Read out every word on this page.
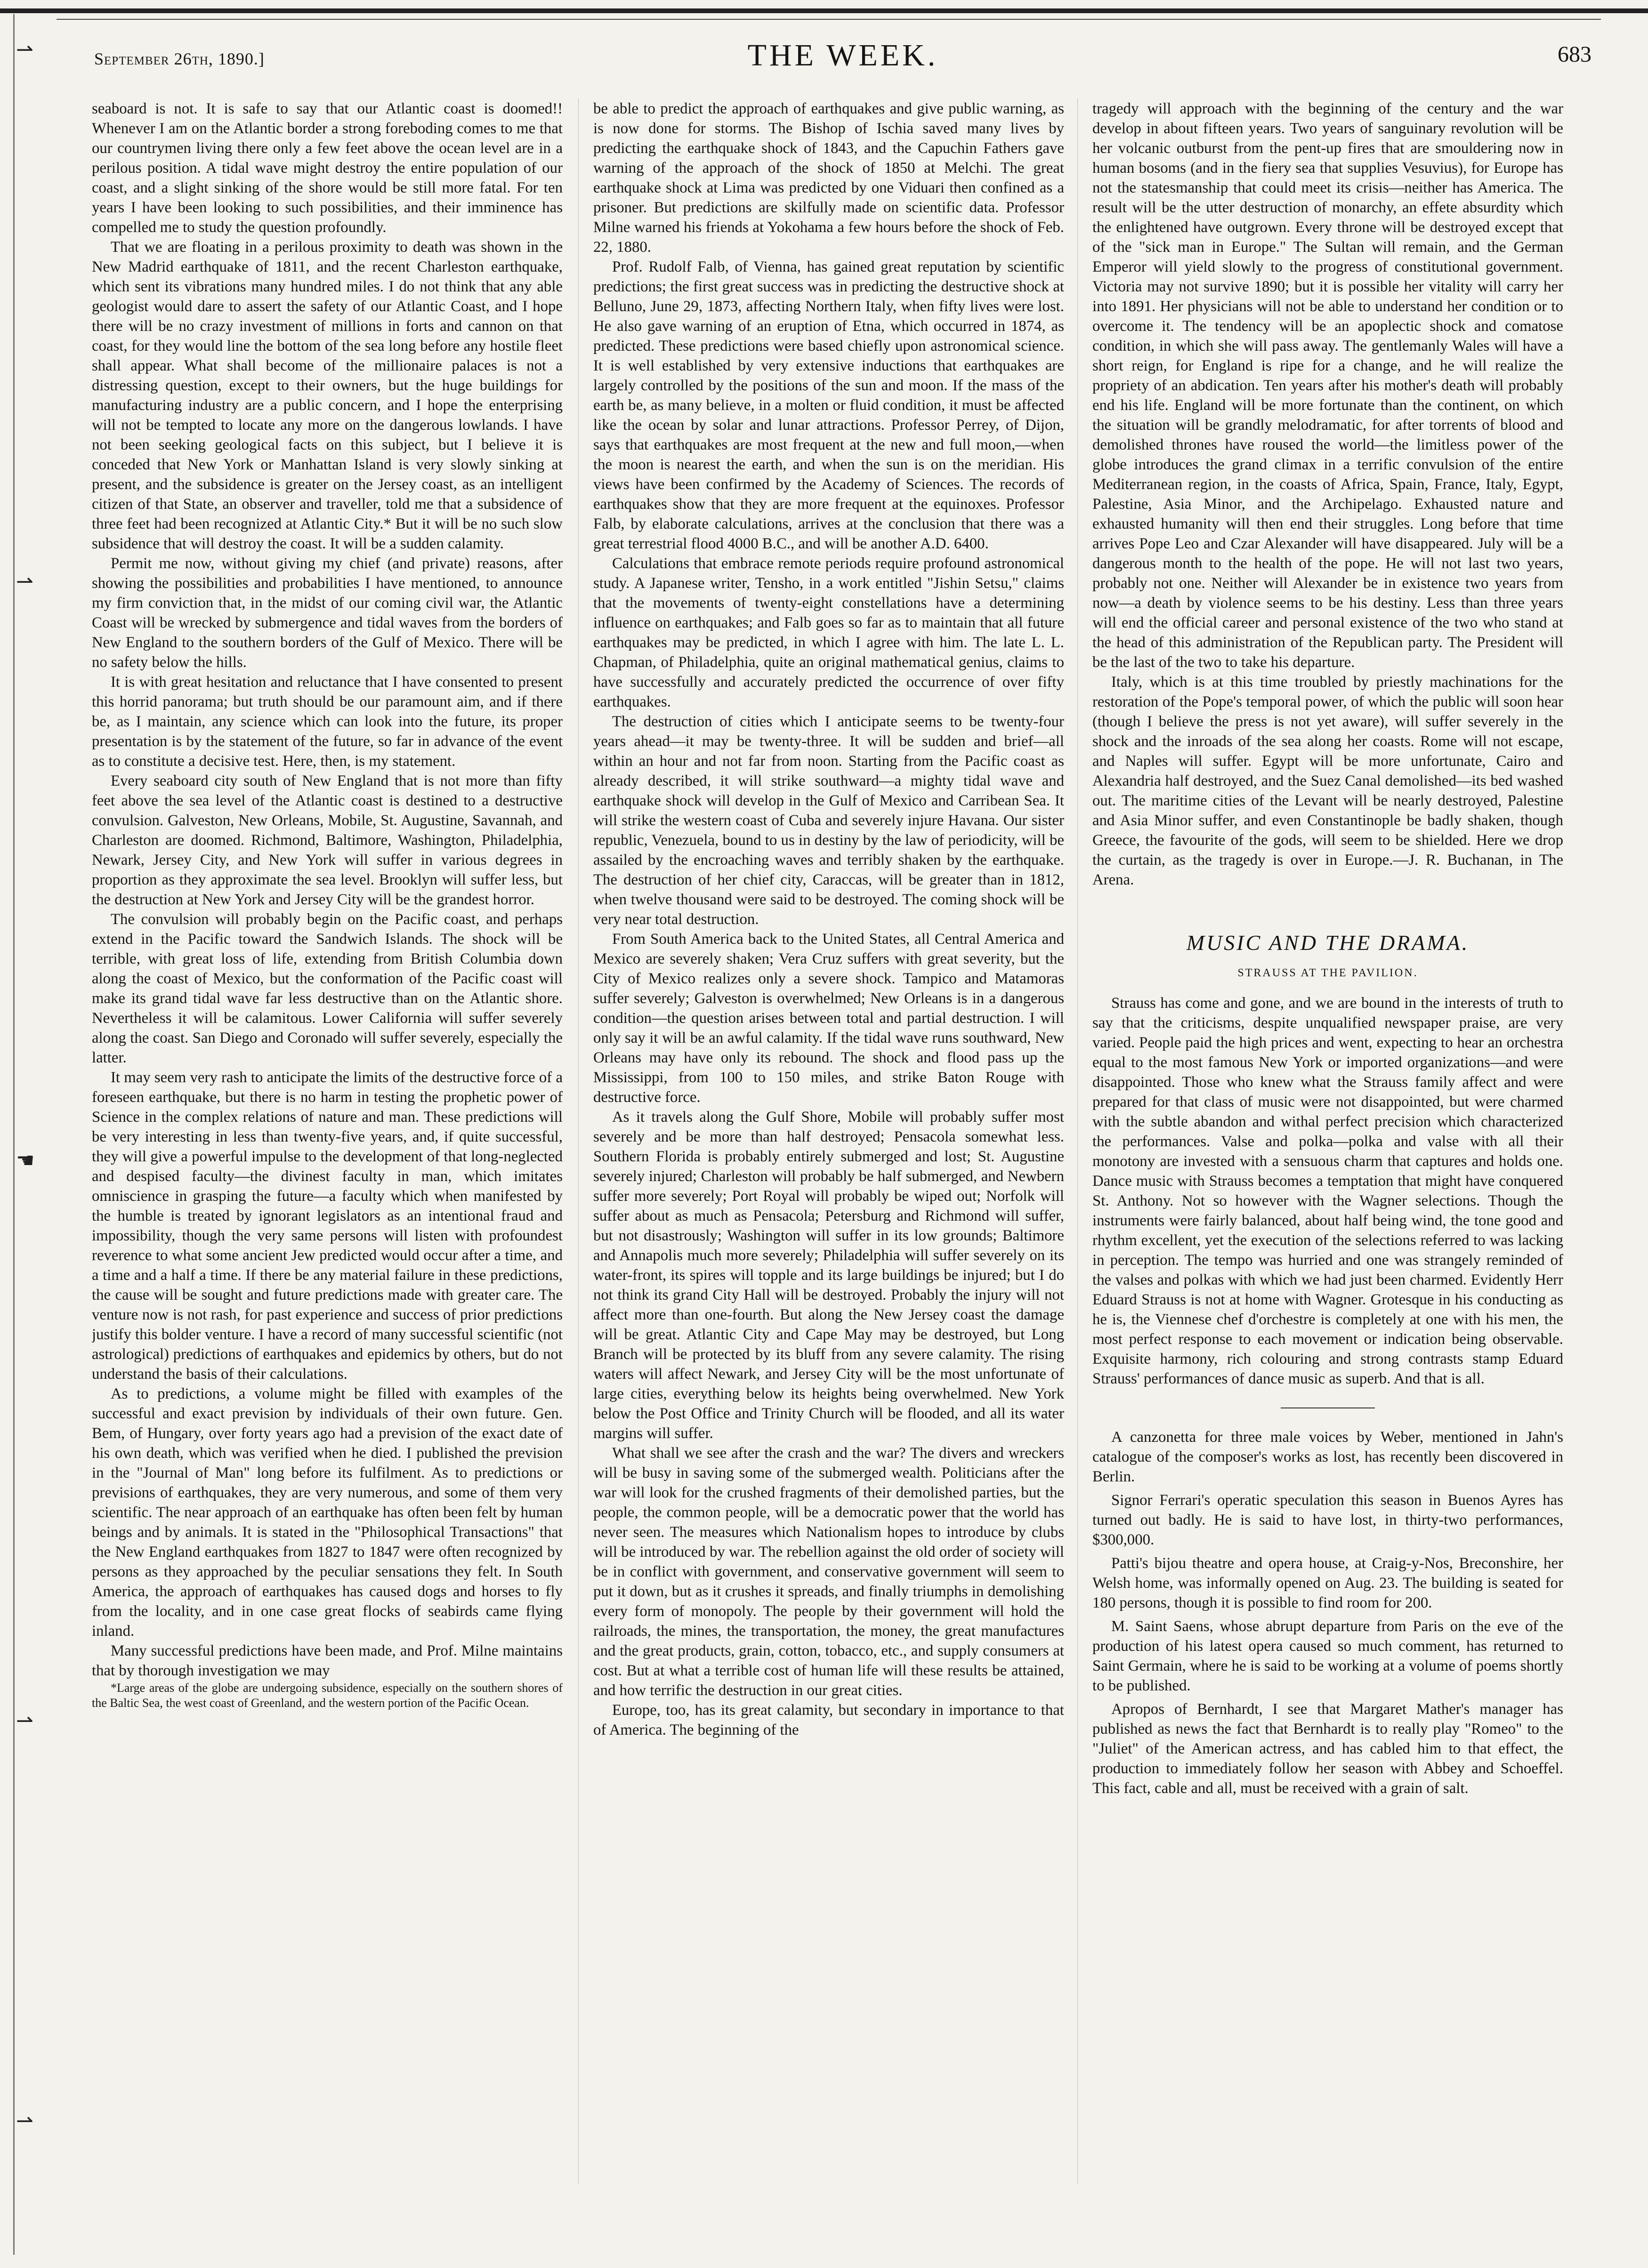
⇀
⇀
☚
⇀
⇀
September 26th, 1890.]	THE WEEK.	683

seaboard is not. It is safe to say that our Atlantic coast is doomed!! Whenever I am on the Atlantic border a strong foreboding comes to me that our countrymen living there only a few feet above the ocean level are in a perilous position. A tidal wave might destroy the entire population of our coast, and a slight sinking of the shore would be still more fatal. For ten years I have been looking to such possibilities, and their imminence has compelled me to study the question profoundly.

That we are floating in a perilous proximity to death was shown in the New Madrid earthquake of 1811, and the recent Charleston earthquake, which sent its vibrations many hundred miles. I do not think that any able geologist would dare to assert the safety of our Atlantic Coast, and I hope there will be no crazy investment of millions in forts and cannon on that coast, for they would line the bottom of the sea long before any hostile fleet shall appear. What shall become of the millionaire palaces is not a distressing question, except to their owners, but the huge buildings for manufacturing industry are a public concern, and I hope the enterprising will not be tempted to locate any more on the dangerous lowlands. I have not been seeking geological facts on this subject, but I believe it is conceded that New York or Manhattan Island is very slowly sinking at present, and the subsidence is greater on the Jersey coast, as an intelligent citizen of that State, an observer and traveller, told me that a subsidence of three feet had been recognized at Atlantic City.* But it will be no such slow subsidence that will destroy the coast. It will be a sudden calamity.

Permit me now, without giving my chief (and private) reasons, after showing the possibilities and probabilities I have mentioned, to announce my firm conviction that, in the midst of our coming civil war, the Atlantic Coast will be wrecked by submergence and tidal waves from the borders of New England to the southern borders of the Gulf of Mexico. There will be no safety below the hills.

It is with great hesitation and reluctance that I have consented to present this horrid panorama; but truth should be our paramount aim, and if there be, as I maintain, any science which can look into the future, its proper presentation is by the statement of the future, so far in advance of the event as to constitute a decisive test. Here, then, is my statement.

Every seaboard city south of New England that is not more than fifty feet above the sea level of the Atlantic coast is destined to a destructive convulsion. Galveston, New Orleans, Mobile, St. Augustine, Savannah, and Charleston are doomed. Richmond, Baltimore, Washington, Philadelphia, Newark, Jersey City, and New York will suffer in various degrees in proportion as they approximate the sea level. Brooklyn will suffer less, but the destruction at New York and Jersey City will be the grandest horror.

The convulsion will probably begin on the Pacific coast, and perhaps extend in the Pacific toward the Sandwich Islands. The shock will be terrible, with great loss of life, extending from British Columbia down along the coast of Mexico, but the conformation of the Pacific coast will make its grand tidal wave far less destructive than on the Atlantic shore. Nevertheless it will be calamitous. Lower California will suffer severely along the coast. San Diego and Coronado will suffer severely, especially the latter.

It may seem very rash to anticipate the limits of the destructive force of a foreseen earthquake, but there is no harm in testing the prophetic power of Science in the complex relations of nature and man. These predictions will be very interesting in less than twenty-five years, and, if quite successful, they will give a powerful impulse to the development of that long-neglected and despised faculty—the divinest faculty in man, which imitates omniscience in grasping the future—a faculty which when manifested by the humble is treated by ignorant legislators as an intentional fraud and impossibility, though the very same persons will listen with profoundest reverence to what some ancient Jew predicted would occur after a time, and a time and a half a time. If there be any material failure in these predictions, the cause will be sought and future predictions made with greater care. The venture now is not rash, for past experience and success of prior predictions justify this bolder venture. I have a record of many successful scientific (not astrological) predictions of earthquakes and epidemics by others, but do not understand the basis of their calculations.

As to predictions, a volume might be filled with examples of the successful and exact prevision by individuals of their own future. Gen. Bem, of Hungary, over forty years ago had a prevision of the exact date of his own death, which was verified when he died. I published the prevision in the "Journal of Man" long before its fulfilment. As to predictions or previsions of earthquakes, they are very numerous, and some of them very scientific. The near approach of an earthquake has often been felt by human beings and by animals. It is stated in the "Philosophical Transactions" that the New England earthquakes from 1827 to 1847 were often recognized by persons as they approached by the peculiar sensations they felt. In South America, the approach of earthquakes has caused dogs and horses to fly from the locality, and in one case great flocks of seabirds came flying inland.

Many successful predictions have been made, and Prof. Milne maintains that by thorough investigation we may

*Large areas of the globe are undergoing subsidence, especially on the southern shores of the Baltic Sea, the west coast of Greenland, and the western portion of the Pacific Ocean.

be able to predict the approach of earthquakes and give public warning, as is now done for storms. The Bishop of Ischia saved many lives by predicting the earthquake shock of 1843, and the Capuchin Fathers gave warning of the approach of the shock of 1850 at Melchi. The great earthquake shock at Lima was predicted by one Viduari then confined as a prisoner. But predictions are skilfully made on scientific data. Professor Milne warned his friends at Yokohama a few hours before the shock of Feb. 22, 1880.

Prof. Rudolf Falb, of Vienna, has gained great reputation by scientific predictions; the first great success was in predicting the destructive shock at Belluno, June 29, 1873, affecting Northern Italy, when fifty lives were lost. He also gave warning of an eruption of Etna, which occurred in 1874, as predicted. These predictions were based chiefly upon astronomical science. It is well established by very extensive inductions that earthquakes are largely controlled by the positions of the sun and moon. If the mass of the earth be, as many believe, in a molten or fluid condition, it must be affected like the ocean by solar and lunar attractions. Professor Perrey, of Dijon, says that earthquakes are most frequent at the new and full moon,—when the moon is nearest the earth, and when the sun is on the meridian. His views have been confirmed by the Academy of Sciences. The records of earthquakes show that they are more frequent at the equinoxes. Professor Falb, by elaborate calculations, arrives at the conclusion that there was a great terrestrial flood 4000 B.C., and will be another A.D. 6400.

Calculations that embrace remote periods require profound astronomical study. A Japanese writer, Tensho, in a work entitled "Jishin Setsu," claims that the movements of twenty-eight constellations have a determining influence on earthquakes; and Falb goes so far as to maintain that all future earthquakes may be predicted, in which I agree with him. The late L. L. Chapman, of Philadelphia, quite an original mathematical genius, claims to have successfully and accurately predicted the occurrence of over fifty earthquakes.

The destruction of cities which I anticipate seems to be twenty-four years ahead—it may be twenty-three. It will be sudden and brief—all within an hour and not far from noon. Starting from the Pacific coast as already described, it will strike southward—a mighty tidal wave and earthquake shock will develop in the Gulf of Mexico and Carribean Sea. It will strike the western coast of Cuba and severely injure Havana. Our sister republic, Venezuela, bound to us in destiny by the law of periodicity, will be assailed by the encroaching waves and terribly shaken by the earthquake. The destruction of her chief city, Caraccas, will be greater than in 1812, when twelve thousand were said to be destroyed. The coming shock will be very near total destruction.

From South America back to the United States, all Central America and Mexico are severely shaken; Vera Cruz suffers with great severity, but the City of Mexico realizes only a severe shock. Tampico and Matamoras suffer severely; Galveston is overwhelmed; New Orleans is in a dangerous condition—the question arises between total and partial destruction. I will only say it will be an awful calamity. If the tidal wave runs southward, New Orleans may have only its rebound. The shock and flood pass up the Mississippi, from 100 to 150 miles, and strike Baton Rouge with destructive force.

As it travels along the Gulf Shore, Mobile will probably suffer most severely and be more than half destroyed; Pensacola somewhat less. Southern Florida is probably entirely submerged and lost; St. Augustine severely injured; Charleston will probably be half submerged, and Newbern suffer more severely; Port Royal will probably be wiped out; Norfolk will suffer about as much as Pensacola; Petersburg and Richmond will suffer, but not disastrously; Washington will suffer in its low grounds; Baltimore and Annapolis much more severely; Philadelphia will suffer severely on its water-front, its spires will topple and its large buildings be injured; but I do not think its grand City Hall will be destroyed. Probably the injury will not affect more than one-fourth. But along the New Jersey coast the damage will be great. Atlantic City and Cape May may be destroyed, but Long Branch will be protected by its bluff from any severe calamity. The rising waters will affect Newark, and Jersey City will be the most unfortunate of large cities, everything below its heights being overwhelmed. New York below the Post Office and Trinity Church will be flooded, and all its water margins will suffer.

What shall we see after the crash and the war? The divers and wreckers will be busy in saving some of the submerged wealth. Politicians after the war will look for the crushed fragments of their demolished parties, but the people, the common people, will be a democratic power that the world has never seen. The measures which Nationalism hopes to introduce by clubs will be introduced by war. The rebellion against the old order of society will be in conflict with government, and conservative government will seem to put it down, but as it crushes it spreads, and finally triumphs in demolishing every form of monopoly. The people by their government will hold the railroads, the mines, the transportation, the money, the great manufactures and the great products, grain, cotton, tobacco, etc., and supply consumers at cost. But at what a terrible cost of human life will these results be attained, and how terrific the destruction in our great cities.

Europe, too, has its great calamity, but secondary in importance to that of America. The beginning of the

tragedy will approach with the beginning of the century and the war develop in about fifteen years. Two years of sanguinary revolution will be her volcanic outburst from the pent-up fires that are smouldering now in human bosoms (and in the fiery sea that supplies Vesuvius), for Europe has not the statesmanship that could meet its crisis—neither has America. The result will be the utter destruction of monarchy, an effete absurdity which the enlightened have outgrown. Every throne will be destroyed except that of the "sick man in Europe." The Sultan will remain, and the German Emperor will yield slowly to the progress of constitutional government. Victoria may not survive 1890; but it is possible her vitality will carry her into 1891. Her physicians will not be able to understand her condition or to overcome it. The tendency will be an apoplectic shock and comatose condition, in which she will pass away. The gentlemanly Wales will have a short reign, for England is ripe for a change, and he will realize the propriety of an abdication. Ten years after his mother's death will probably end his life. England will be more fortunate than the continent, on which the situation will be grandly melodramatic, for after torrents of blood and demolished thrones have roused the world—the limitless power of the globe introduces the grand climax in a terrific convulsion of the entire Mediterranean region, in the coasts of Africa, Spain, France, Italy, Egypt, Palestine, Asia Minor, and the Archipelago. Exhausted nature and exhausted humanity will then end their struggles. Long before that time arrives Pope Leo and Czar Alexander will have disappeared. July will be a dangerous month to the health of the pope. He will not last two years, probably not one. Neither will Alexander be in existence two years from now—a death by violence seems to be his destiny. Less than three years will end the official career and personal existence of the two who stand at the head of this administration of the Republican party. The President will be the last of the two to take his departure.

Italy, which is at this time troubled by priestly machinations for the restoration of the Pope's temporal power, of which the public will soon hear (though I believe the press is not yet aware), will suffer severely in the shock and the inroads of the sea along her coasts. Rome will not escape, and Naples will suffer. Egypt will be more unfortunate, Cairo and Alexandria half destroyed, and the Suez Canal demolished—its bed washed out. The maritime cities of the Levant will be nearly destroyed, Palestine and Asia Minor suffer, and even Constantinople be badly shaken, though Greece, the favourite of the gods, will seem to be shielded. Here we drop the curtain, as the tragedy is over in Europe.—J. R. Buchanan, in The Arena.

MUSIC AND THE DRAMA.
STRAUSS AT THE PAVILION.

Strauss has come and gone, and we are bound in the interests of truth to say that the criticisms, despite unqualified newspaper praise, are very varied. People paid the high prices and went, expecting to hear an orchestra equal to the most famous New York or imported organizations—and were disappointed. Those who knew what the Strauss family affect and were prepared for that class of music were not disappointed, but were charmed with the subtle abandon and withal perfect precision which characterized the performances. Valse and polka—polka and valse with all their monotony are invested with a sensuous charm that captures and holds one. Dance music with Strauss becomes a temptation that might have conquered St. Anthony. Not so however with the Wagner selections. Though the instruments were fairly balanced, about half being wind, the tone good and rhythm excellent, yet the execution of the selections referred to was lacking in perception. The tempo was hurried and one was strangely reminded of the valses and polkas with which we had just been charmed. Evidently Herr Eduard Strauss is not at home with Wagner. Grotesque in his conducting as he is, the Viennese chef d'orchestre is completely at one with his men, the most perfect response to each movement or indication being observable. Exquisite harmony, rich colouring and strong contrasts stamp Eduard Strauss' performances of dance music as superb. And that is all.

A canzonetta for three male voices by Weber, mentioned in Jahn's catalogue of the composer's works as lost, has recently been discovered in Berlin.

Signor Ferrari's operatic speculation this season in Buenos Ayres has turned out badly. He is said to have lost, in thirty-two performances, $300,000.

Patti's bijou theatre and opera house, at Craig-y-Nos, Breconshire, her Welsh home, was informally opened on Aug. 23. The building is seated for 180 persons, though it is possible to find room for 200.

M. Saint Saens, whose abrupt departure from Paris on the eve of the production of his latest opera caused so much comment, has returned to Saint Germain, where he is said to be working at a volume of poems shortly to be published.

Apropos of Bernhardt, I see that Margaret Mather's manager has published as news the fact that Bernhardt is to really play "Romeo" to the "Juliet" of the American actress, and has cabled him to that effect, the production to immediately follow her season with Abbey and Schoeffel. This fact, cable and all, must be received with a grain of salt.
